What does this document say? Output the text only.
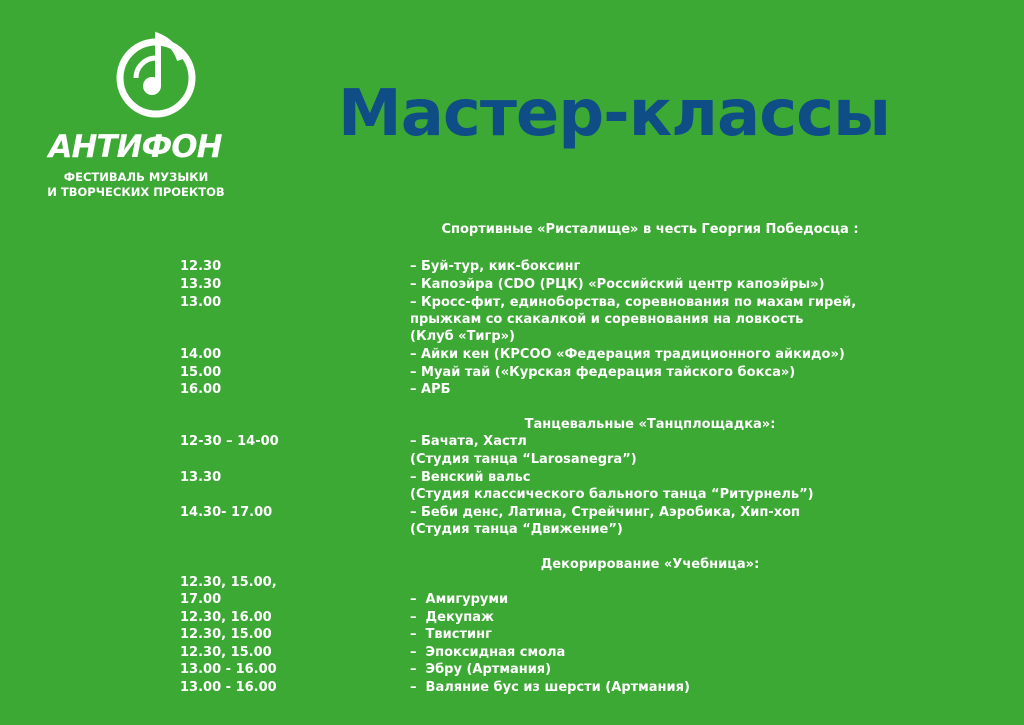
АНТИФОН
ФЕСТИВАЛЬ МУЗЫКИ
И ТВОРЧЕСКИХ ПРОЕКТОВ
Мастер-классы
Спортивные «Ристалище» в честь Георгия Победосца :
12.30	– Буй-тур, кик-боксинг
13.30	– Капоэйра (СDО (РЦК) «Российский центр капоэйры»)
13.00	– Кросс-фит, единоборства, соревнования по махам гирей,
прыжкам со скакалкой и соревнования на ловкость
(Клуб «Тигр»)
14.00	– Айки кен (КРСОО «Федерация традиционного айкидо»)
15.00	– Муай тай («Курская федерация тайского бокса»)
16.00	– АРБ
Танцевальные «Танцплощадка»:
12-30 – 14-00	– Бачата, Хастл
(Студия танца “Larosanegra”)
13.30	– Венский вальс
(Студия классического бального танца “Ритурнель”)
14.30- 17.00	– Беби денс, Латина, Стрейчинг, Аэробика, Хип-хоп
(Студия танца “Движение”)
Декорирование «Учебница»:
12.30, 15.00,
17.00	–  Амигуруми
12.30, 16.00	–  Декупаж
12.30, 15.00	–  Твистинг
12.30, 15.00	–  Эпоксидная смола
13.00 - 16.00	–  Эбру (Артмания)
13.00 - 16.00	–  Валяние бус из шерсти (Артмания)
